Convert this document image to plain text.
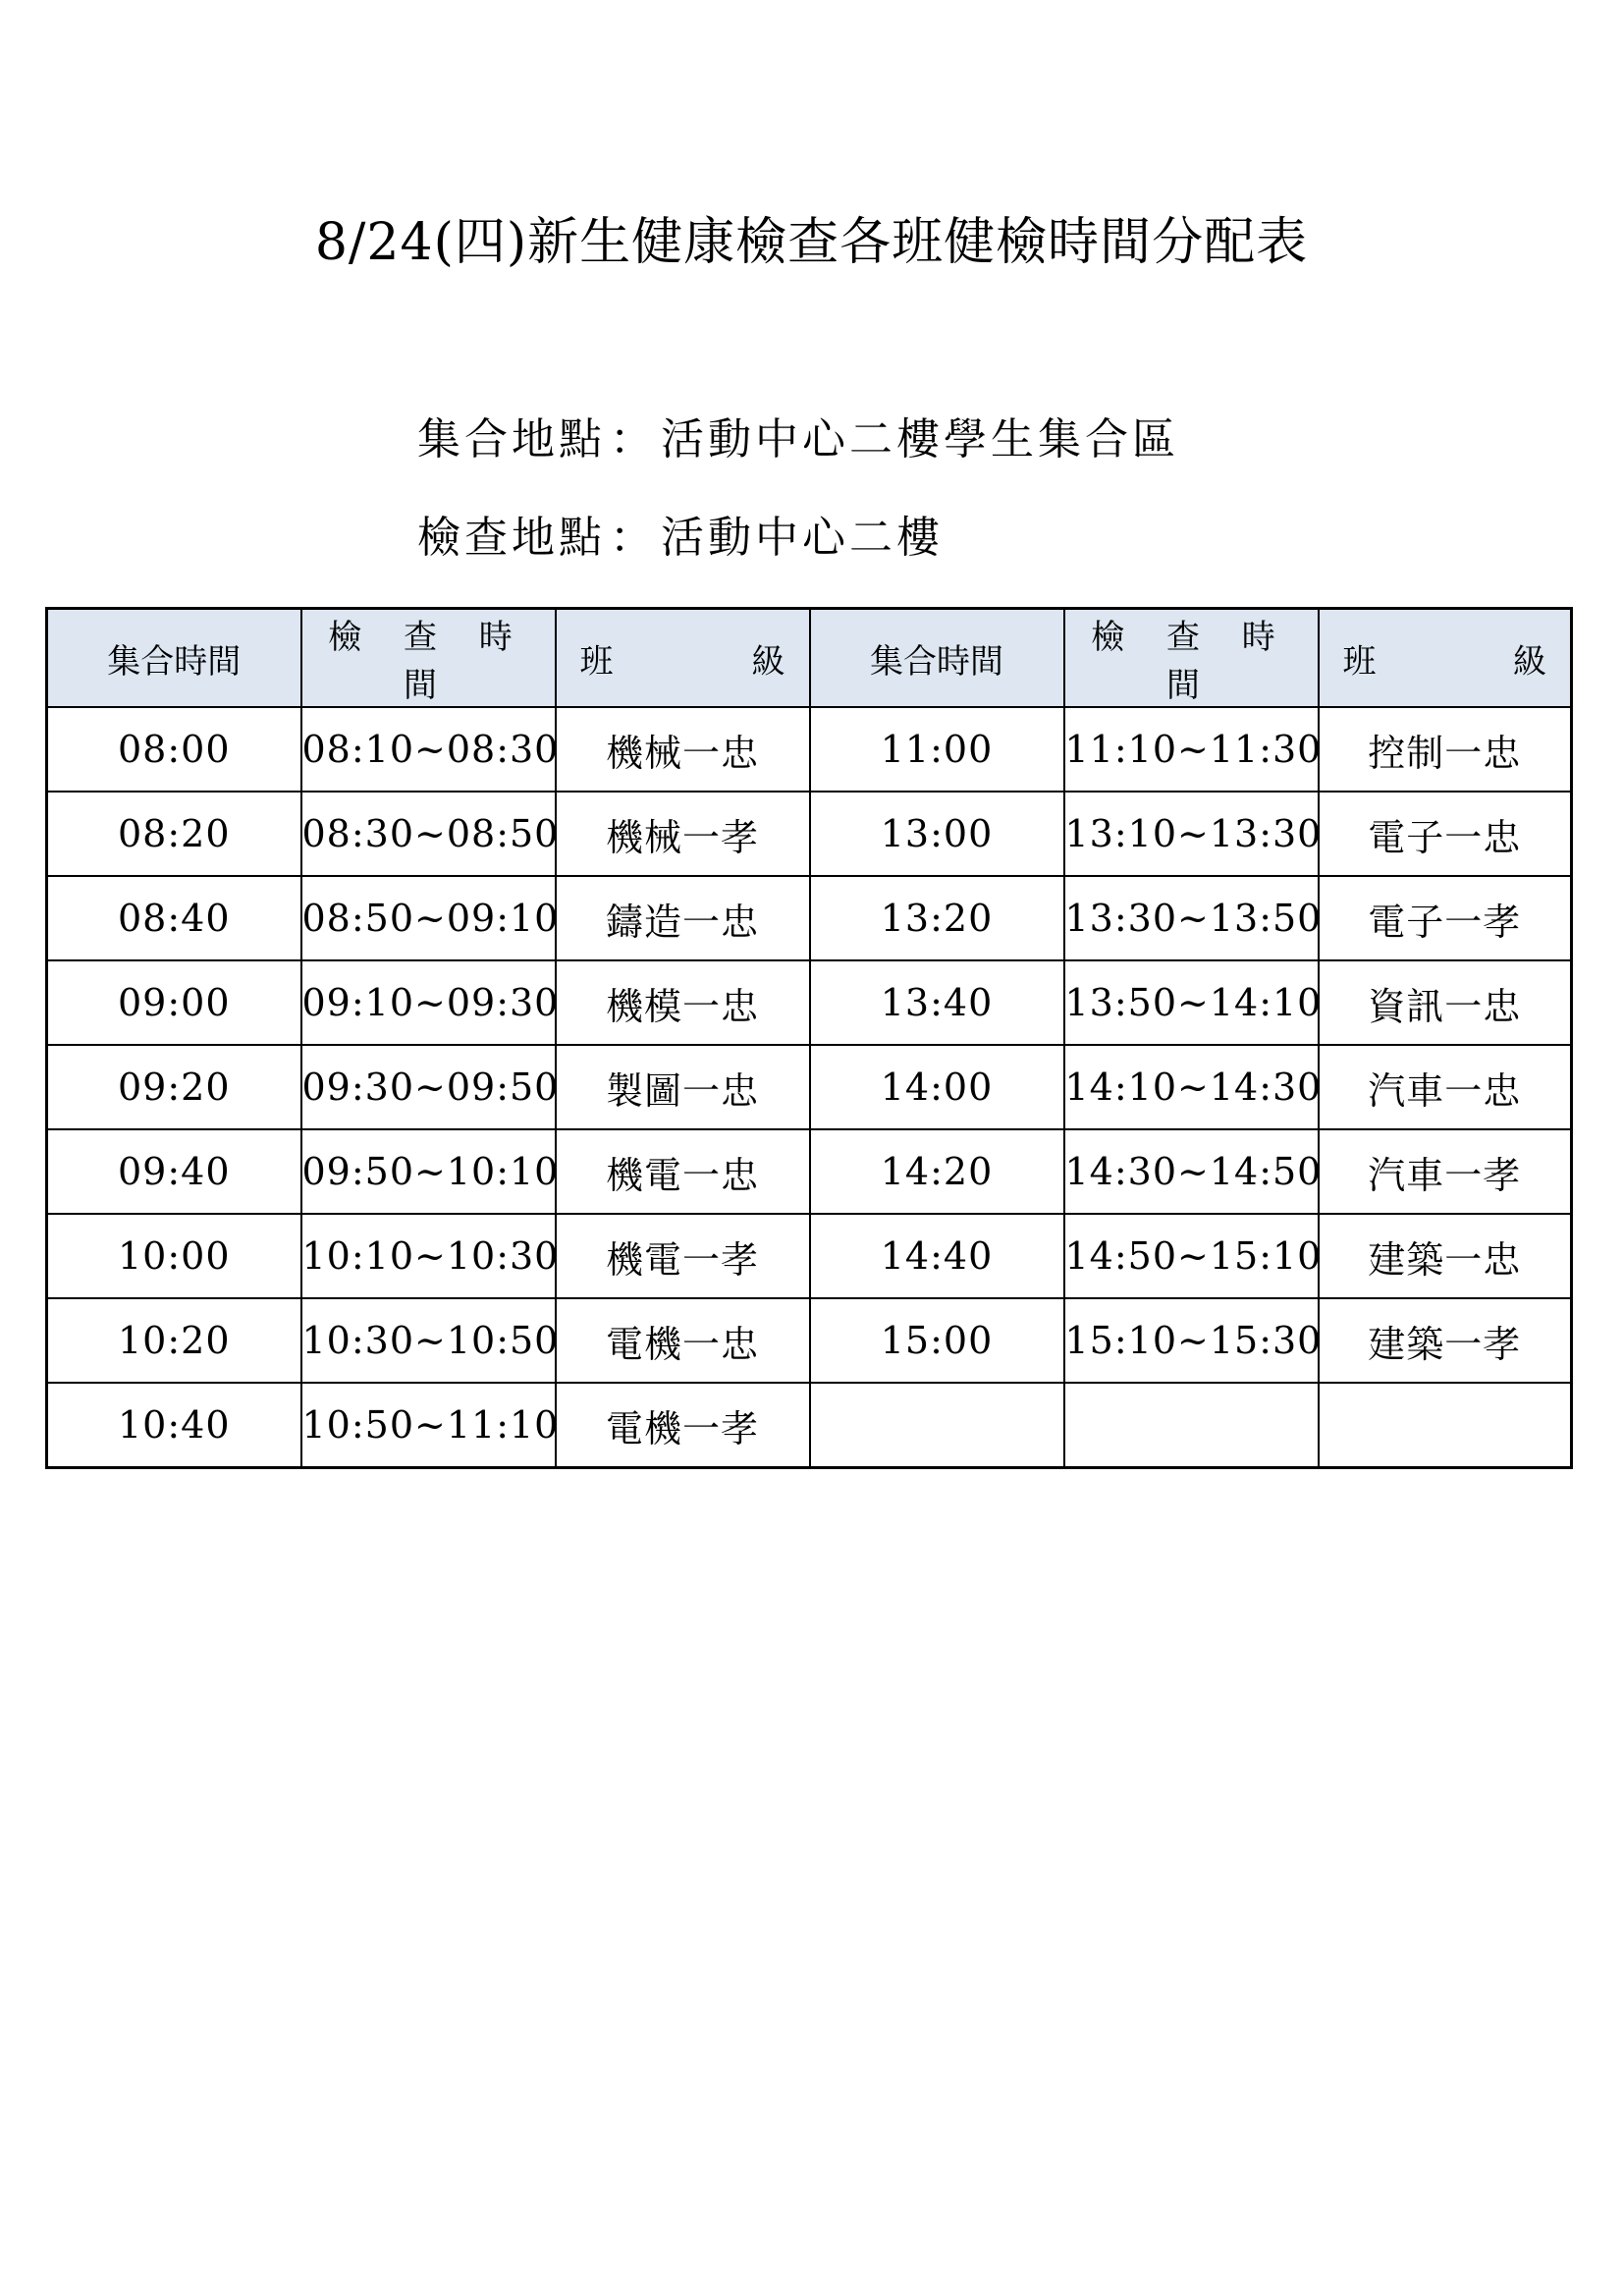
8/24(四)新生健康檢查各班健檢時間分配表
集合地點：活動中心二樓學生集合區
檢查地點：活動中心二樓
集合時間	檢 查 時 間	班 級	集合時間	檢 查 時 間	班 級

08:00	08:10~08:30	機械一忠	11:00	11:10~11:30	控制一忠
08:20	08:30~08:50	機械一孝	13:00	13:10~13:30	電子一忠
08:40	08:50~09:10	鑄造一忠	13:20	13:30~13:50	電子一孝
09:00	09:10~09:30	機模一忠	13:40	13:50~14:10	資訊一忠
09:20	09:30~09:50	製圖一忠	14:00	14:10~14:30	汽車一忠
09:40	09:50~10:10	機電一忠	14:20	14:30~14:50	汽車一孝
10:00	10:10~10:30	機電一孝	14:40	14:50~15:10	建築一忠
10:20	10:30~10:50	電機一忠	15:00	15:10~15:30	建築一孝
10:40	10:50~11:10	電機一孝			
